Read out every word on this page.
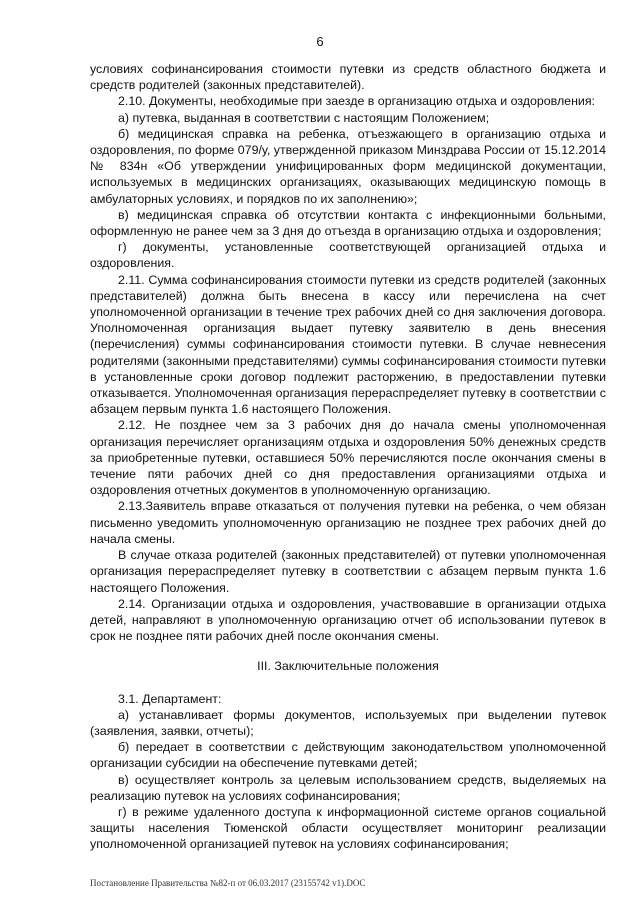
6

условиях софинансирования стоимости путевки из средств областного бюджета и средств родителей (законных представителей).

2.10. Документы, необходимые при заезде в организацию отдыха и оздоровления:

а) путевка, выданная в соответствии с настоящим Положением;

б) медицинская справка на ребенка, отъезжающего в организацию отдыха и оздоровления, по форме 079/у, утвержденной приказом Минздрава России от 15.12.2014 № 834н «Об утверждении унифицированных форм медицинской документации, используемых в медицинских организациях, оказывающих медицинскую помощь в амбулаторных условиях, и порядков по их заполнению»;

в) медицинская справка об отсутствии контакта с инфекционными больными, оформленную не ранее чем за 3 дня до отъезда в организацию отдыха и оздоровления;

г) документы, установленные соответствующей организацией отдыха и оздоровления.

2.11. Сумма софинансирования стоимости путевки из средств родителей (законных представителей) должна быть внесена в кассу или перечислена на счет уполномоченной организации в течение трех рабочих дней со дня заключения договора. Уполномоченная организация выдает путевку заявителю в день внесения (перечисления) суммы софинансирования стоимости путевки. В случае невнесения родителями (законными представителями) суммы софинансирования стоимости путевки в установленные сроки договор подлежит расторжению, в предоставлении путевки отказывается. Уполномоченная организация перераспределяет путевку в соответствии с абзацем первым пункта 1.6 настоящего Положения.

2.12. Не позднее чем за 3 рабочих дня до начала смены уполномоченная организация перечисляет организациям отдыха и оздоровления 50% денежных средств за приобретенные путевки, оставшиеся 50% перечисляются после окончания смены в течение пяти рабочих дней со дня предоставления организациями отдыха и оздоровления отчетных документов в уполномоченную организацию.

2.13.Заявитель вправе отказаться от получения путевки на ребенка, о чем обязан письменно уведомить уполномоченную организацию не позднее трех рабочих дней до начала смены.

В случае отказа родителей (законных представителей) от путевки уполномоченная организация перераспределяет путевку в соответствии с абзацем первым пункта 1.6 настоящего Положения.

2.14. Организации отдыха и оздоровления, участвовавшие в организации отдыха детей, направляют в уполномоченную организацию отчет об использовании путевок в срок не позднее пяти рабочих дней после окончания смены.

III. Заключительные положения

3.1. Департамент:

а) устанавливает формы документов, используемых при выделении путевок (заявления, заявки, отчеты);

б) передает в соответствии с действующим законодательством уполномоченной организации субсидии на обеспечение путевками детей;

в) осуществляет контроль за целевым использованием средств, выделяемых на реализацию путевок на условиях софинансирования;

г) в режиме удаленного доступа к информационной системе органов социальной защиты населения Тюменской области осуществляет мониторинг реализации уполномоченной организацией путевок на условиях софинансирования;

Постановление Правительства №82-п от 06.03.2017 (23155742 v1).DOC
